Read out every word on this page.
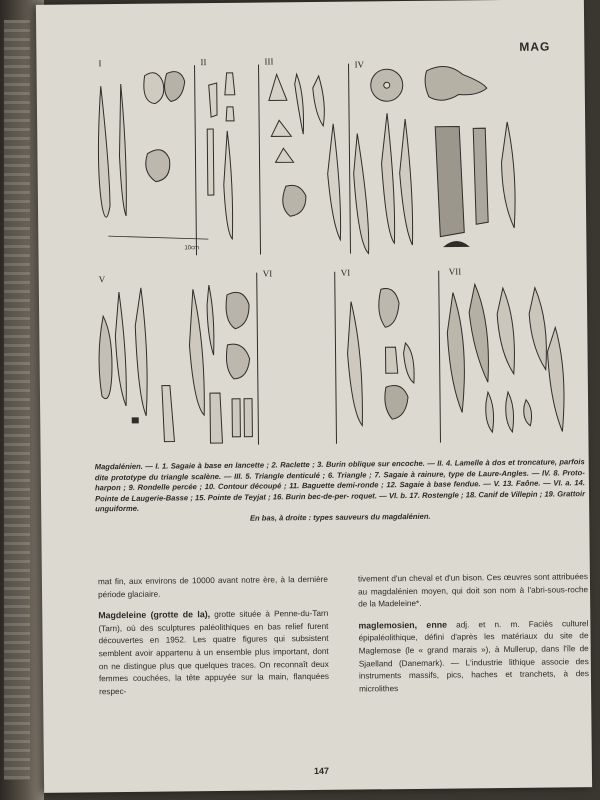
MAG
I	II	III	IV
V
VI	VI	VII
10cm
Magdalénien. — I. 1. Sagaie à base en lancette ; 2. Raclette ; 3. Burin oblique sur encoche. — II. 4. Lamelle à dos et troncature, parfois dite prototype du triangle scalène. — III. 5. Triangle denticulé ; 6. Triangle ; 7. Sagaie à rainure, type de Laure-Angles. — IV. 8. Proto-harpon ; 9. Rondelle percée ; 10. Contour découpé ; 11. Baguette demi-ronde ; 12. Sagaie à base fendue. — V. 13. Faône. — VI. a. 14. Pointe de Laugerie-Basse ; 15. Pointe de Teyjat ; 16. Burin bec-de-per- roquet. — VI. b. 17. Rostengle ; 18. Canif de Villepin ; 19. Grattoir unguiforme.
En bas, à droite : types sauveurs du magdalénien.

mat fin, aux environs de 10000 avant notre ère, à la dernière période glaciaire.

Magdeleine (grotte de la), grotte située à Penne-du-Tarn (Tarn), où des sculptures paléolithiques en bas relief furent découvertes en 1952. Les quatre figures qui subsistent semblent avoir appartenu à un ensemble plus important, dont on ne distingue plus que quelques traces. On reconnaît deux femmes couchées, la tête appuyée sur la main, flanquées respec-

tivement d'un cheval et d'un bison. Ces œuvres sont attribuées au magdalénien moyen, qui doit son nom à l'abri-sous-roche de la Madeleine*.

maglemosien, enne adj. et n. m. Faciès culturel épipaléolithique, défini d'après les matériaux du site de Maglemose (le « grand marais »), à Mullerup, dans l'île de Sjaelland (Danemark). — L'industrie lithique associe des instruments massifs, pics, haches et tranchets, à des microlithes

147
